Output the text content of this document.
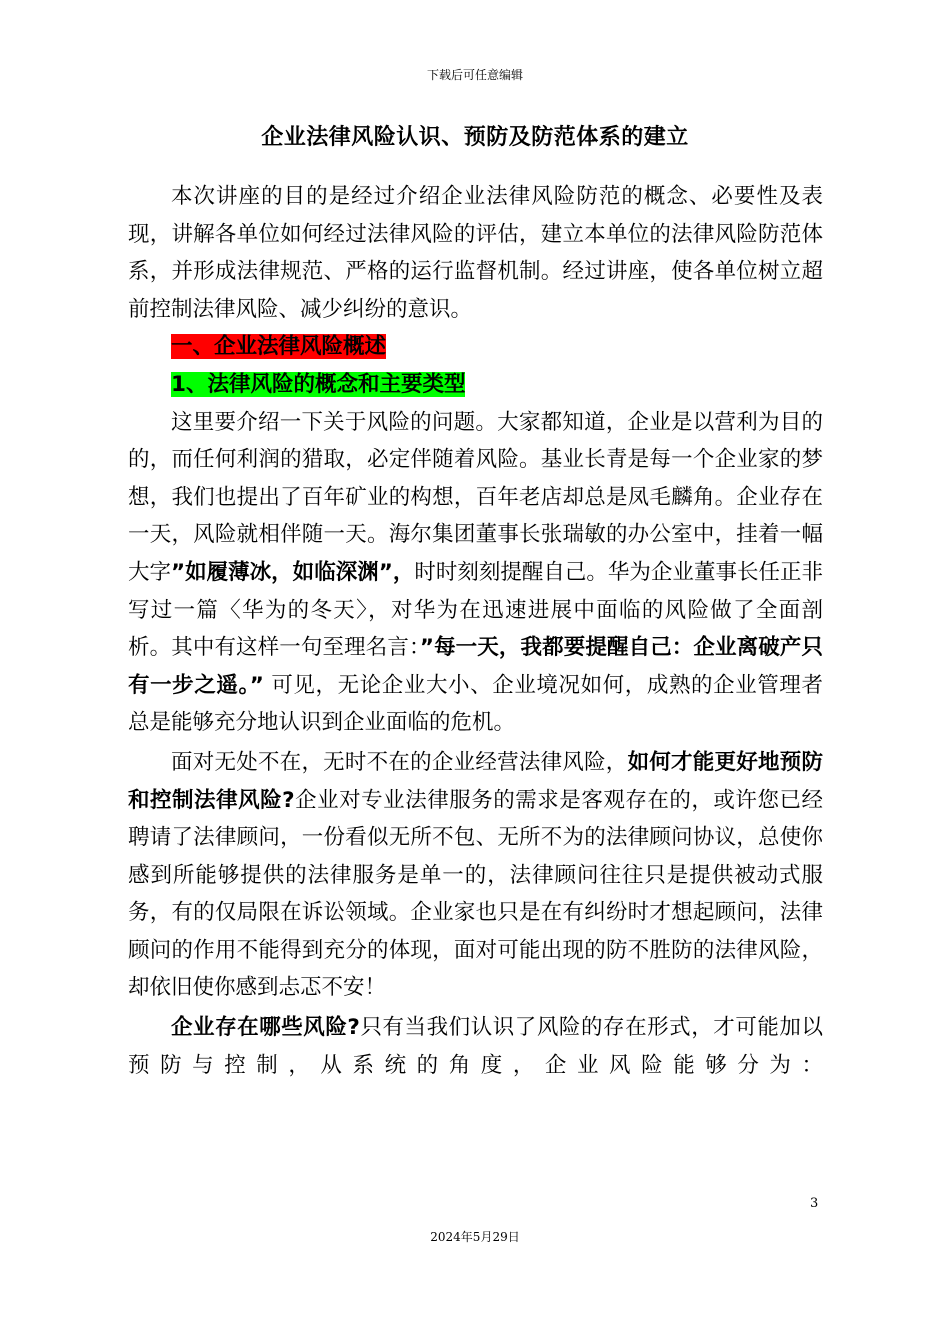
下载后可任意编辑
企业法律风险认识、预防及防范体系的建立

本次讲座的目的是经过介绍企业法律风险防范的概念、必要性及表现，讲解各单位如何经过法律风险的评估，建立本单位的法律风险防范体系，并形成法律规范、严格的运行监督机制。经过讲座，使各单位树立超前控制法律风险、减少纠纷的意识。

一、企业法律风险概述
1、法律风险的概念和主要类型

这里要介绍一下关于风险的问题。大家都知道，企业是以营利为目的的，而任何利润的猎取，必定伴随着风险。基业长青是每一个企业家的梦想，我们也提出了百年矿业的构想，百年老店却总是凤毛麟角。企业存在一天，风险就相伴随一天。海尔集团董事长张瑞敏的办公室中，挂着一幅大字”如履薄冰，如临深渊”，时时刻刻提醒自己。华为企业董事长任正非写过一篇〈华为的冬天〉，对华为在迅速进展中面临的风险做了全面剖析。其中有这样一句至理名言：”每一天，我都要提醒自己：企业离破产只有一步之遥。” 可见，无论企业大小、企业境况如何，成熟的企业管理者总是能够充分地认识到企业面临的危机。

面对无处不在，无时不在的企业经营法律风险，如何才能更好地预防和控制法律风险?企业对专业法律服务的需求是客观存在的，或许您已经聘请了法律顾问，一份看似无所不包、无所不为的法律顾问协议，总使你感到所能够提供的法律服务是单一的，法律顾问往往只是提供被动式服务，有的仅局限在诉讼领域。企业家也只是在有纠纷时才想起顾问，法律顾问的作用不能得到充分的体现，面对可能出现的防不胜防的法律风险，却依旧使你感到忐忑不安！

企业存在哪些风险?只有当我们认识了风险的存在形式，才可能加以预防与控制，从系统的角度，企业风险能够分为：

3
2024年5月29日
